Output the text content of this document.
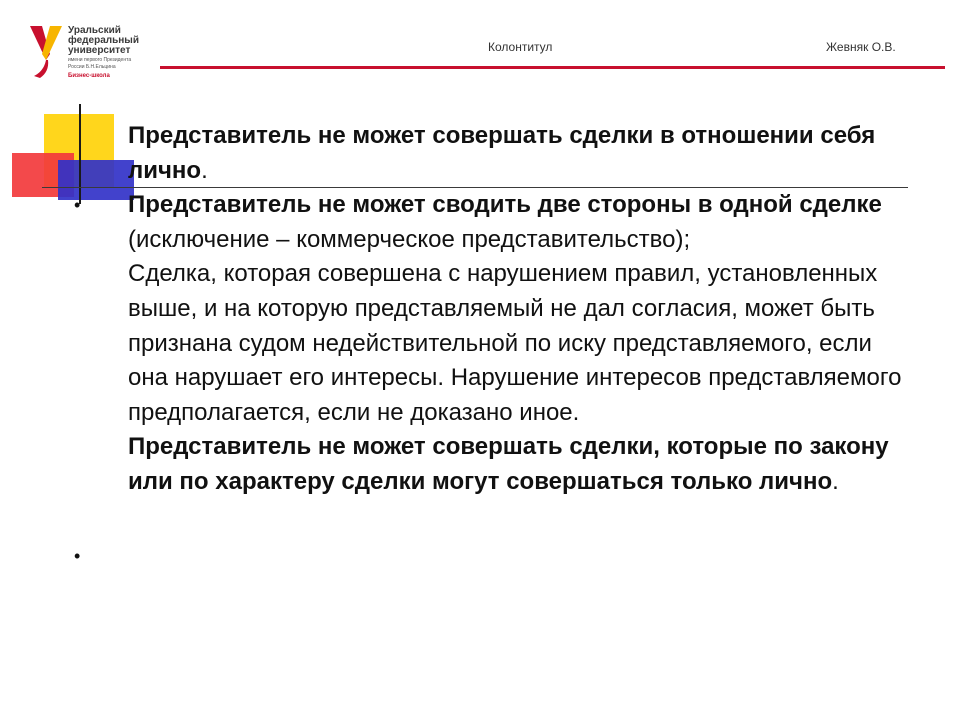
Уральский
федеральный
университет
имени первого Президента
России Б.Н.Ельцина
Бизнес-школа
Колонтитул	Жевняк О.В.
•
•

Представитель не может совершать сделки в отношении себя лично.

Представитель не может сводить две стороны в одной сделке (исключение – коммерческое представительство);

Сделка, которая совершена с нарушением правил, установленных выше, и на которую представляемый не дал согласия, может быть признана судом недействительной по иску представляемого, если она нарушает его интересы. Нарушение интересов представляемого предполагается, если не доказано иное.

Представитель не может совершать сделки, которые по закону или по характеру сделки могут совершаться только лично.
